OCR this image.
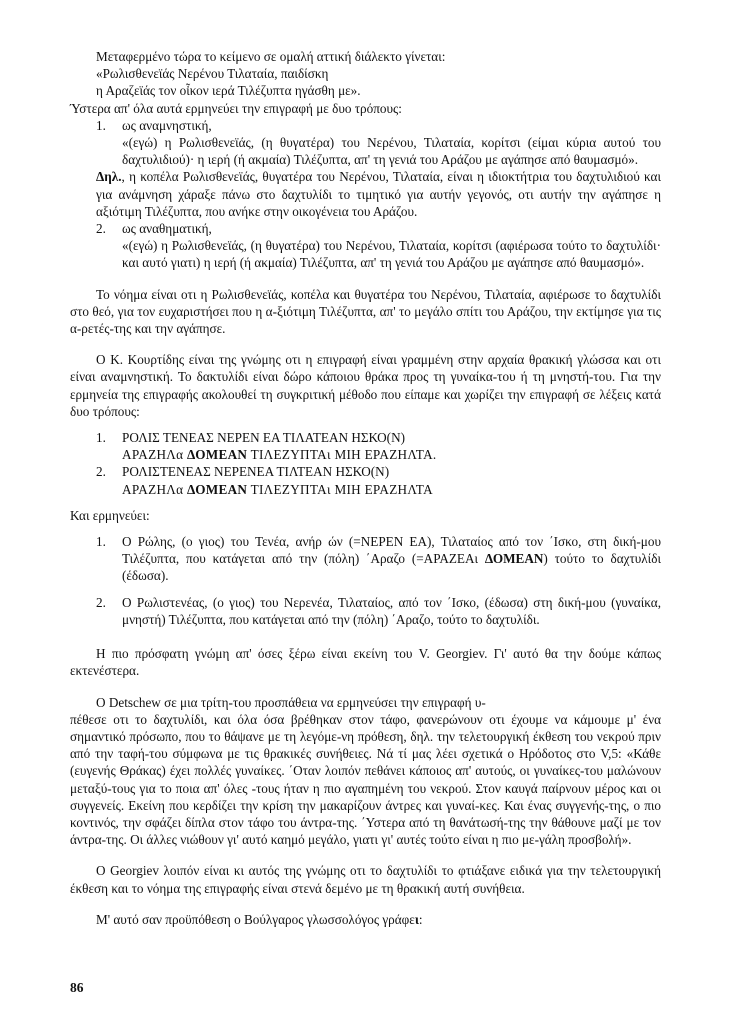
Μεταφερμένο τώρα το κείμενο σε ομαλή αττική διάλεκτο γίνεται:

«Ρωλισθενεϊάς Νερένου Τιλαταία, παιδίσκη

η Αραζεϊάς τον οἶκον ιερά Τιλέζυπτα ηγάσθη με».

Ύστερα απ' όλα αυτά ερμηνεύει την επιγραφή με δυο τρόπους:

1.	ως αναμνηστική,

«(εγώ) η Ρωλισθενεϊάς, (η θυγατέρα) του Νερένου, Τιλαταία, κορίτσι (είμαι κύρια αυτού του δαχτυλιδιού)· η ιερή (ή ακμαία) Τιλέζυπτα, απ' τη γενιά του Αράζου με αγάπησε από θαυμασμό».

Δηλ., η κοπέλα Ρωλισθενεϊάς, θυγατέρα του Νερένου, Τιλαταία, είναι η ιδιοκτήτρια του δαχτυλιδιού και για ανάμνηση χάραξε πάνω στο δαχτυλίδι το τιμητικό για αυτήν γεγονός, οτι αυτήν την αγάπησε η αξιότιμη Τιλέζυπτα, που ανήκε στην οικογένεια του Αράζου.

2.	ως αναθηματική,

«(εγώ) η Ρωλισθενεϊάς, (η θυγατέρα) του Νερένου, Τιλαταία, κορίτσι (αφιέρωσα τούτο το δαχτυλίδι· και αυτό γιατι) η ιερή (ή ακμαία) Τιλέζυπτα, απ' τη γενιά του Αράζου με αγάπησε από θαυμασμό».

Το νόημα είναι οτι η Ρωλισθενεϊάς, κοπέλα και θυγατέρα του Νερένου, Τιλαταία, αφιέρωσε το δαχτυλίδι στο θεό, για τον ευχαριστήσει που η α-ξιότιμη Τιλέζυπτα, απ' το μεγάλο σπίτι του Αράζου, την εκτίμησε για τις α-ρετές-της και την αγάπησε.

Ο Κ. Κουρτίδης είναι της γνώμης οτι η επιγραφή είναι γραμμένη στην αρχαία θρακική γλώσσα και οτι είναι αναμνηστική. Το δακτυλίδι είναι δώρο κάποιου θράκα προς τη γυναίκα-του ή τη μνηστή-του. Για την ερμηνεία της επιγραφής ακολουθεί τη συγκριτική μέθοδο που είπαμε και χωρίζει την επιγραφή σε λέξεις κατά δυο τρόπους:

1.	ΡΟΛΙΣ ΤΕΝΕΑΣ ΝΕΡΕΝ ΕΑ ΤΙΛΑΤΕΑΝ ΗΣΚΟ(Ν)

ΑΡΑΖΗΛα ΔΟΜΕΑΝ ΤΙΛΕΖΥΠΤΑι ΜΙΗ ΕΡΑΖΗΛΤΑ.

2.	ΡΟΛΙΣΤΕΝΕΑΣ ΝΕΡΕΝΕΑ ΤΙΛΤΕΑΝ ΗΣΚΟ(Ν)

ΑΡΑΖΗΛα ΔΟΜΕΑΝ ΤΙΛΕΖΥΠΤΑι ΜΙΗ ΕΡΑΖΗΛΤΑ

Και ερμηνεύει:

1.	Ο Ρώλης, (ο γιος) του Τενέα, ανήρ ών (=NEPEN EA), Τιλαταίος από τον ΄Ισκο, στη δική-μου Τιλέζυπτα, που κατάγεται από την (πόλη) ΄Αραζο (=ΑΡΑΖΕΑι ΔΟΜΕΑΝ) τούτο το δαχτυλίδι (έδωσα).
2.	Ο Ρωλιστενέας, (ο γιος) του Νερενέα, Τιλαταίος, από τον ΄Ισκο, (έδωσα) στη δική-μου (γυναίκα, μνηστή) Τιλέζυπτα, που κατάγεται από την (πόλη) ΄Αραζο, τούτο το δαχτυλίδι.

Η πιο πρόσφατη γνώμη απ' όσες ξέρω είναι εκείνη του V. Georgiev. Γι' αυτό θα την δούμε κάπως εκτενέστερα.

Ο Detschew σε μια τρίτη-του προσπάθεια να ερμηνεύσει την επιγραφή υ-

πέθεσε οτι το δαχτυλίδι, και όλα όσα βρέθηκαν στον τάφο, φανερώνουν οτι έχουμε να κάμουμε μ' ένα σημαντικό πρόσωπο, που το θάψανε με τη λεγόμε-νη πρόθεση, δηλ. την τελετουργική έκθεση του νεκρού πριν από την ταφή-του σύμφωνα με τις θρακικές συνήθειες. Νά τί μας λέει σχετικά ο Ηρόδοτος στο V,5: «Κάθε (ευγενής Θράκας) έχει πολλές γυναίκες. ΄Οταν λοιπόν πεθάνει κάποιος απ' αυτούς, οι γυναίκες-του μαλώνουν μεταξύ-τους για το ποια απ' όλες -τους ήταν η πιο αγαπημένη του νεκρού. Στον καυγά παίρνουν μέρος και οι συγγενείς. Εκείνη που κερδίζει την κρίση την μακαρίζουν άντρες και γυναί-κες. Και ένας συγγενής-της, ο πιο κοντινός, την σφάζει δίπλα στον τάφο του άντρα-της. ΄Υστερα από τη θανάτωσή-της την θάθουνε μαζί με τον άντρα-της. Οι άλλες νιώθουν γι' αυτό καημό μεγάλο, γιατι γι' αυτές τούτο είναι η πιο με-γάλη προσβολή».

Ο Georgiev λοιπόν είναι κι αυτός της γνώμης οτι το δαχτυλίδι το φτιάξανε ειδικά για την τελετουργική έκθεση και το νόημα της επιγραφής είναι στενά δεμένο με τη θρακική αυτή συνήθεια.

Μ' αυτό σαν προϋπόθεση ο Βούλγαρος γλωσσολόγος γράφει:

86
